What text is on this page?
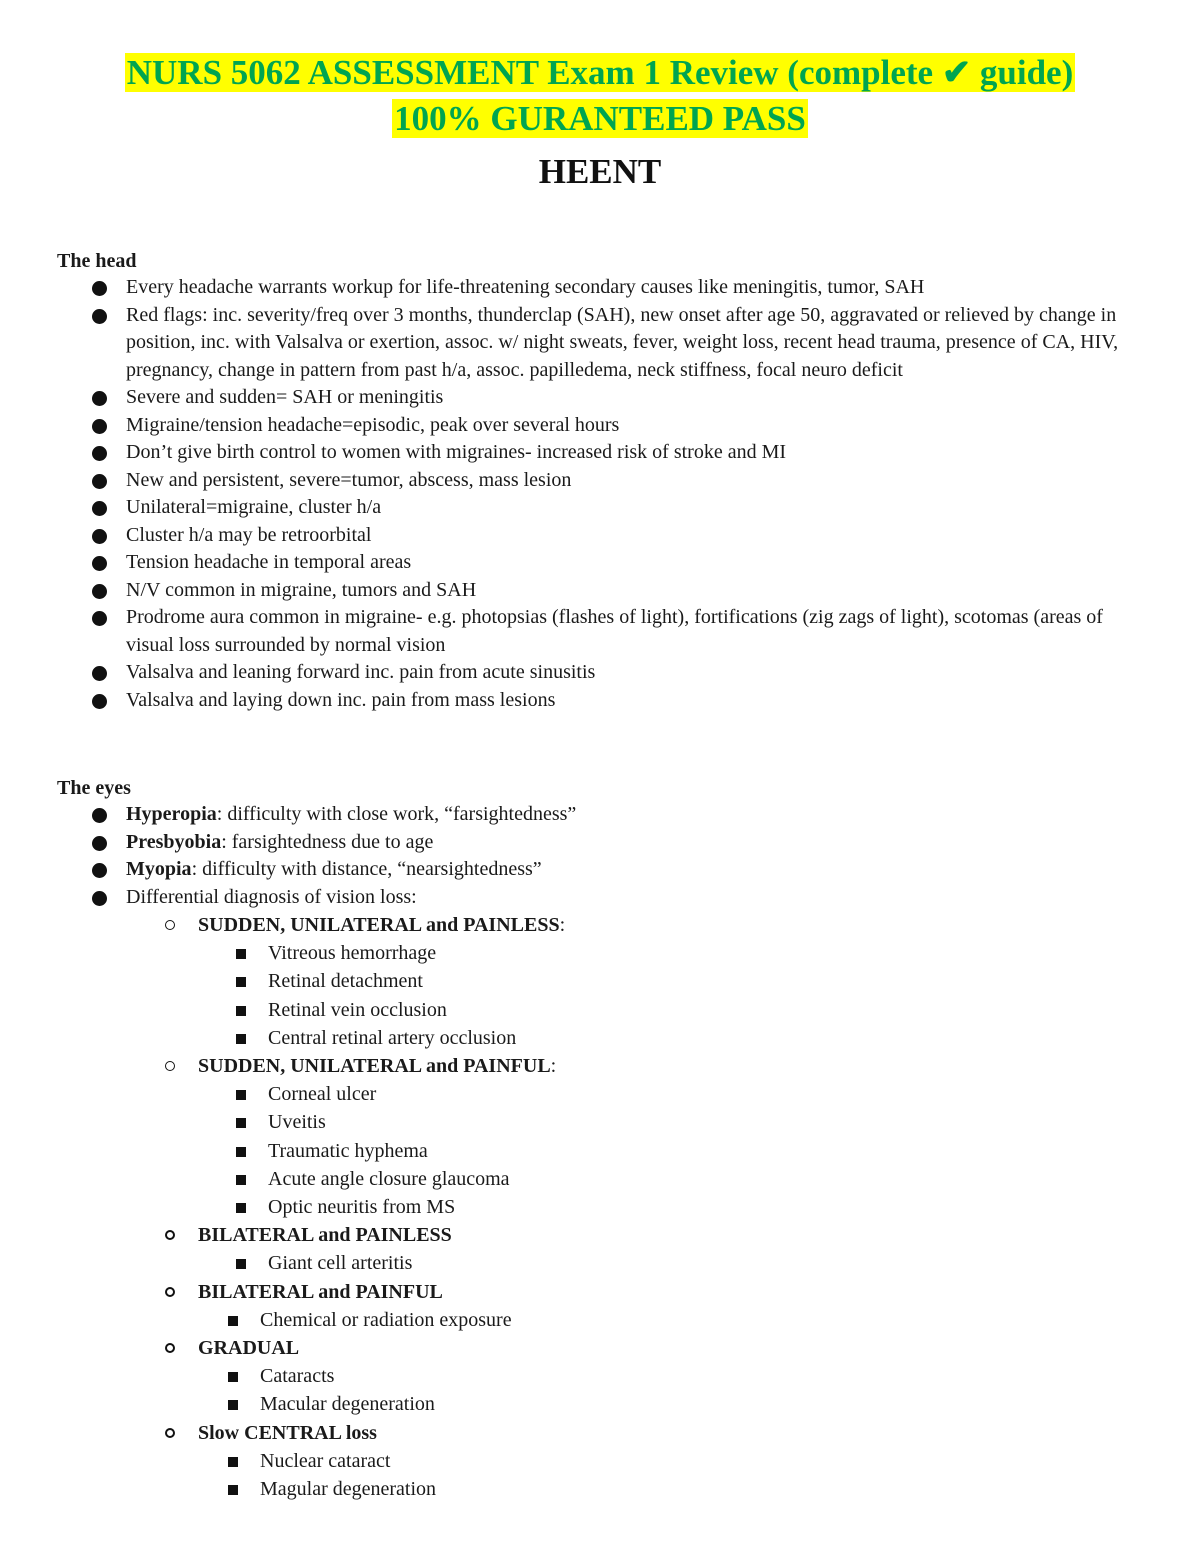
NURS 5062 ASSESSMENT Exam 1 Review (complete ✔ guide)
100% GURANTEED PASS
HEENT
The head
Every headache warrants workup for life-threatening secondary causes like meningitis, tumor, SAH
Red flags: inc. severity/freq over 3 months, thunderclap (SAH), new onset after age 50, aggravated or relieved by change in position, inc. with Valsalva or exertion, assoc. w/ night sweats, fever, weight loss, recent head trauma, presence of CA, HIV, pregnancy, change in pattern from past h/a, assoc. papilledema, neck stiffness, focal neuro deficit
Severe and sudden= SAH or meningitis
Migraine/tension headache=episodic, peak over several hours
Don’t give birth control to women with migraines- increased risk of stroke and MI
New and persistent, severe=tumor, abscess, mass lesion
Unilateral=migraine, cluster h/a
Cluster h/a may be retroorbital
Tension headache in temporal areas
N/V common in migraine, tumors and SAH
Prodrome aura common in migraine- e.g. photopsias (flashes of light), fortifications (zig zags of light), scotomas (areas of visual loss surrounded by normal vision
Valsalva and leaning forward inc. pain from acute sinusitis
Valsalva and laying down inc. pain from mass lesions
The eyes
Hyperopia: difficulty with close work, “farsightedness”
Presbyobia: farsightedness due to age
Myopia: difficulty with distance, “nearsightedness”
Differential diagnosis of vision loss:
SUDDEN, UNILATERAL and PAINLESS:
Vitreous hemorrhage
Retinal detachment
Retinal vein occlusion
Central retinal artery occlusion
SUDDEN, UNILATERAL and PAINFUL:
Corneal ulcer
Uveitis
Traumatic hyphema
Acute angle closure glaucoma
Optic neuritis from MS
BILATERAL and PAINLESS
Giant cell arteritis
BILATERAL and PAINFUL
Chemical or radiation exposure
GRADUAL
Cataracts
Macular degeneration
Slow CENTRAL loss
Nuclear cataract
Magular degeneration
